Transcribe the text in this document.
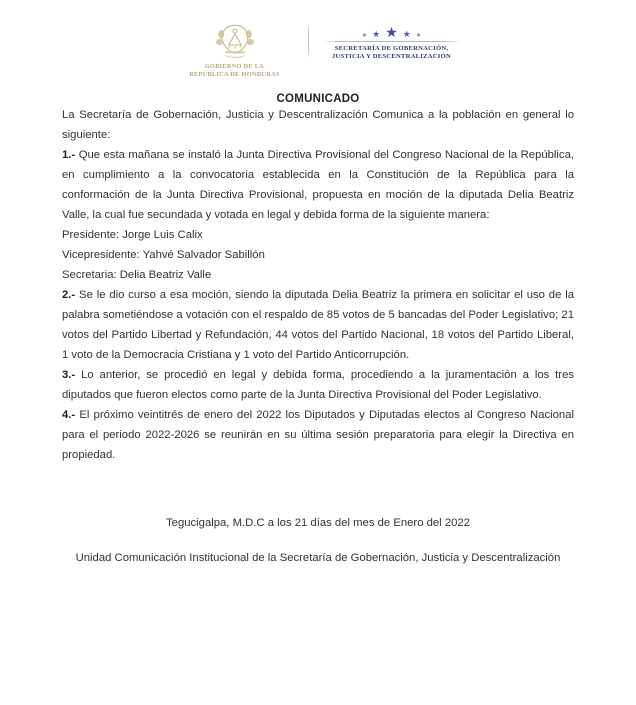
GOBIERNO DE LA
REPÚBLICA DE HONDURAS
★ ★ ★ ★ ★
SECRETARÍA DE GOBERNACIÓN,
JUSTICIA Y DESCENTRALIZACIÓN
COMUNICADO

La Secretaría de Gobernación, Justicia y Descentralización Comunica a la población en general lo siguiente:

1.- Que esta mañana se instaló la Junta Directiva Provisional del Congreso Nacional de la República, en cumplimiento a la convocatoria establecida en la Constitución de la República para la conformación de la Junta Directiva Provisional, propuesta en moción de la diputada Delia Beatriz Valle, la cual fue secundada y votada en legal y debida forma de la siguiente manera:

Presidente: Jorge Luis Calix

Vicepresidente: Yahvé Salvador Sabillón

Secretaria: Delia Beatriz Valle

2.- Se le dio curso a esa moción, siendo la diputada Delia Beatriz la primera en solicitar el uso de la palabra sometiéndose a votación con el respaldo de 85 votos de 5 bancadas del Poder Legislativo; 21 votos del Partido Libertad y Refundación, 44 votos del Partido Nacional, 18 votos del Partido Liberal, 1 voto de la Democracia Cristiana y 1 voto del Partido Anticorrupción.

3.- Lo anterior, se procedió en legal y debida forma, procediendo a la juramentación a los tres diputados que fueron electos como parte de la Junta Directiva Provisional del Poder Legislativo.

4.- El próximo veintitrés de enero del 2022 los Diputados y Diputadas electos al Congreso Nacional para el periodo 2022-2026 se reunirán en su última sesión preparatoria para elegir la Directiva en propiedad.

Tegucigalpa, M.D.C a los 21 días del mes de Enero del 2022

Unidad Comunicación Institucional de la Secretaría de Gobernación, Justicia y Descentralización
